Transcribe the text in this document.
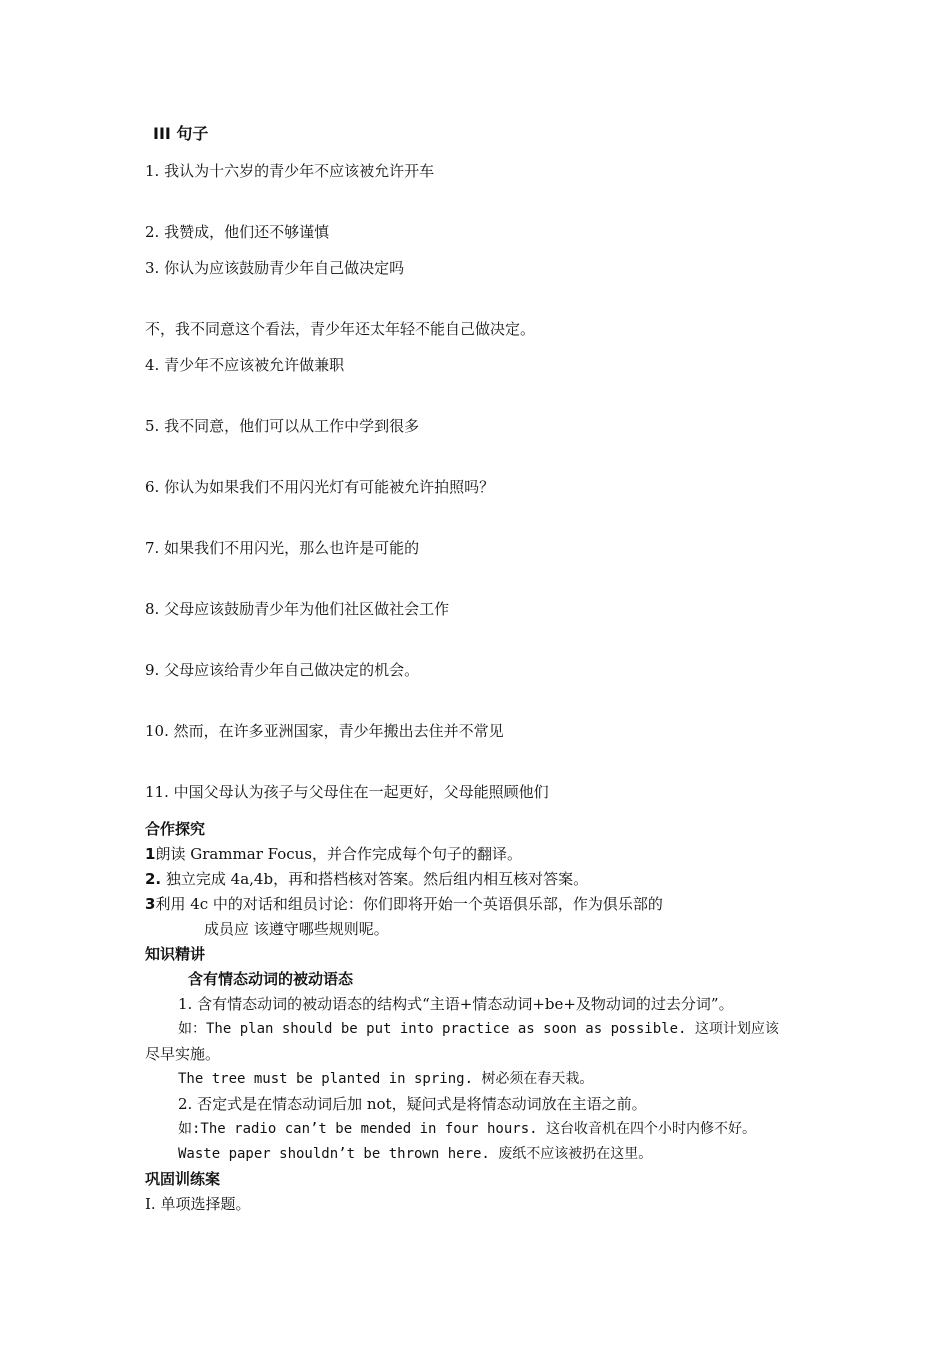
III 句子
1. 我认为十六岁的青少年不应该被允许开车
2. 我赞成，他们还不够谨慎
3. 你认为应该鼓励青少年自己做决定吗
不，我不同意这个看法，青少年还太年轻不能自己做决定。
4. 青少年不应该被允许做兼职
5. 我不同意，他们可以从工作中学到很多
6. 你认为如果我们不用闪光灯有可能被允许拍照吗？
7. 如果我们不用闪光，那么也许是可能的
8. 父母应该鼓励青少年为他们社区做社会工作
9. 父母应该给青少年自己做决定的机会。
10. 然而，在许多亚洲国家，青少年搬出去住并不常见
11. 中国父母认为孩子与父母住在一起更好，父母能照顾他们
合作探究
1朗读 Grammar Focus，并合作完成每个句子的翻译。
2. 独立完成 4a,4b，再和搭档核对答案。然后组内相互核对答案。
3利用 4c 中的对话和组员讨论：你们即将开始一个英语俱乐部，作为俱乐部的
成员应 该遵守哪些规则呢。
知识精讲
含有情态动词的被动语态
1. 含有情态动词的被动语态的结构式“主语+情态动词+be+及物动词的过去分词”。
如：The plan should be put into practice as soon as possible. 这项计划应该
尽早实施。
The tree must be planted in spring. 树必须在春天栽。
2. 否定式是在情态动词后加 not，疑问式是将情态动词放在主语之前。
如:The radio can’t be mended in four hours. 这台收音机在四个小时内修不好。
Waste paper shouldn’t be thrown here. 废纸不应该被扔在这里。
巩固训练案
I. 单项选择题。
